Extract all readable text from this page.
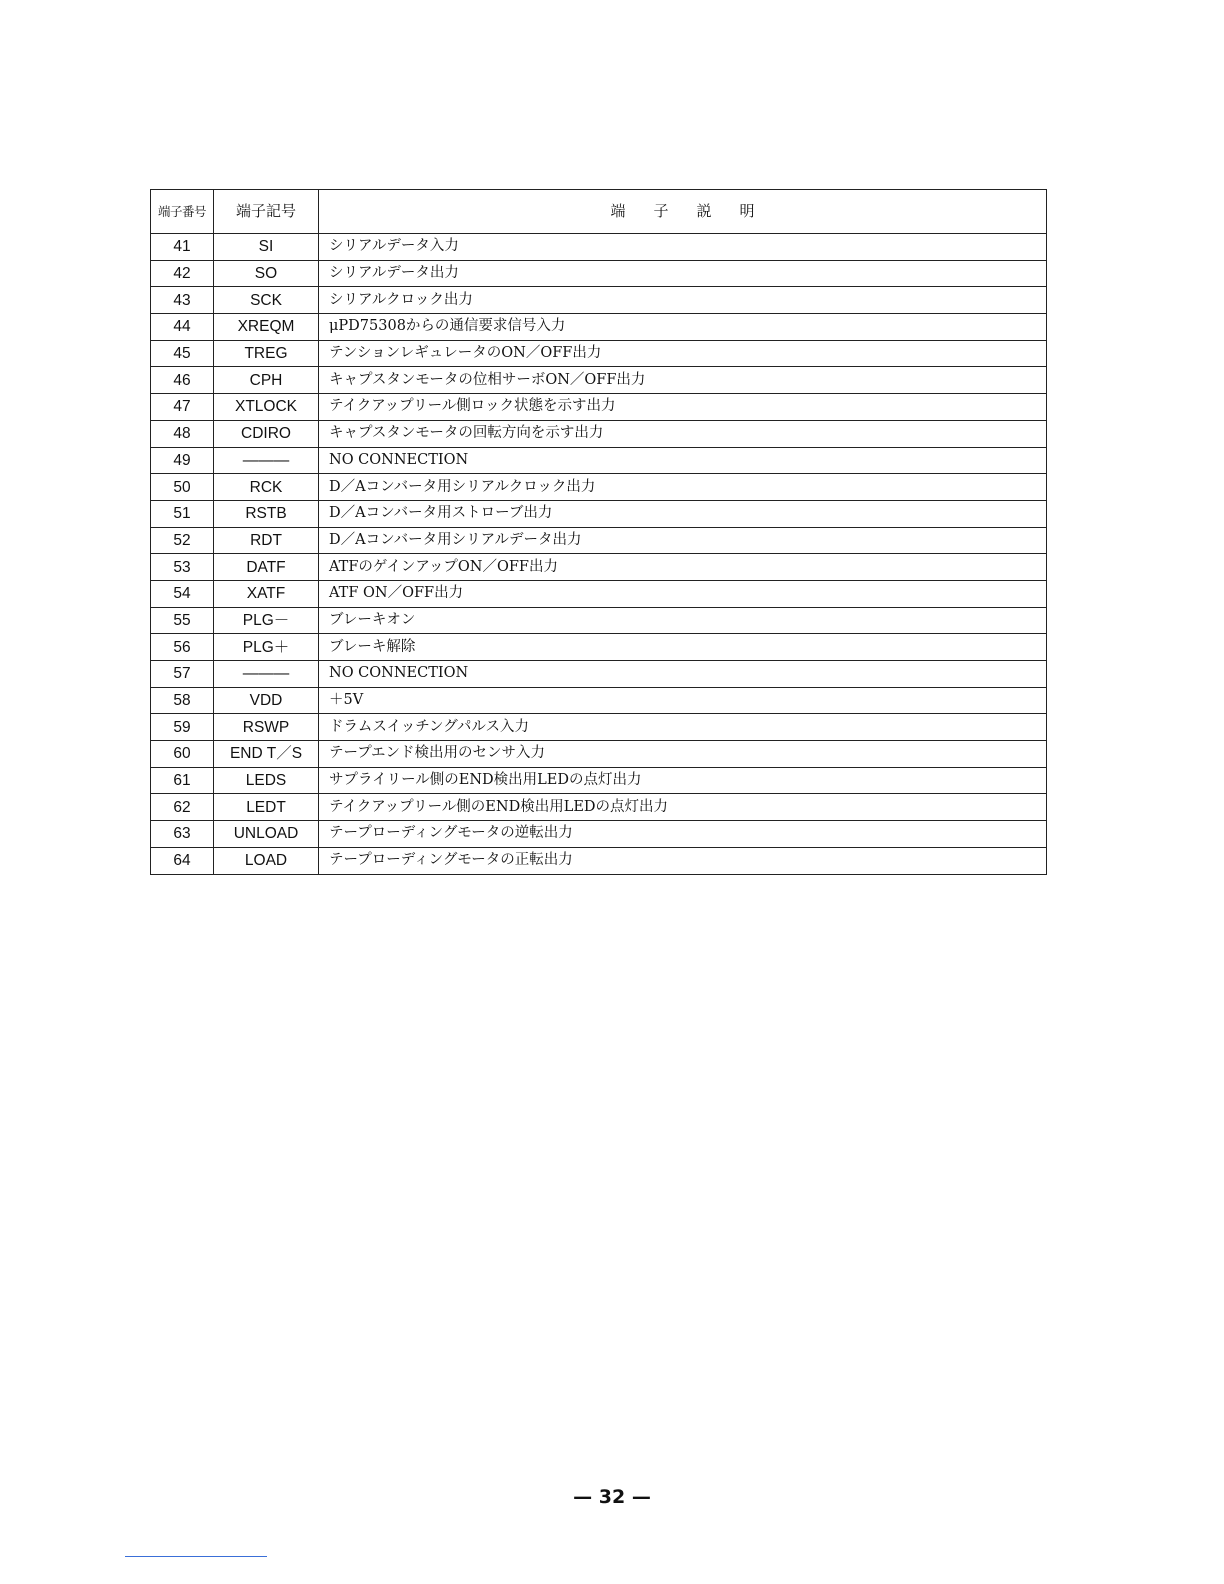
端子番号	端子記号	端子説明
41	SI	シリアルデータ入力
42	SO	シリアルデータ出力
43	SCK	シリアルクロック出力
44	XREQM	μPD75308からの通信要求信号入力
45	TREG	テンションレギュレータのON／OFF出力
46	CPH	キャプスタンモータの位相サーボON／OFF出力
47	XTLOCK	テイクアップリール側ロック状態を示す出力
48	CDIRO	キャプスタンモータの回転方向を示す出力
49	———	NO CONNECTION
50	RCK	D／Aコンバータ用シリアルクロック出力
51	RSTB	D／Aコンバータ用ストローブ出力
52	RDT	D／Aコンバータ用シリアルデータ出力
53	DATF	ATFのゲインアップON／OFF出力
54	XATF	ATF ON／OFF出力
55	PLG－	ブレーキオン
56	PLG＋	ブレーキ解除
57	———	NO CONNECTION
58	VDD	＋5V
59	RSWP	ドラムスイッチングパルス入力
60	END T／S	テープエンド検出用のセンサ入力
61	LEDS	サプライリール側のEND検出用LEDの点灯出力
62	LEDT	テイクアップリール側のEND検出用LEDの点灯出力
63	UNLOAD	テープローディングモータの逆転出力
64	LOAD	テープローディングモータの正転出力
— 32 —
